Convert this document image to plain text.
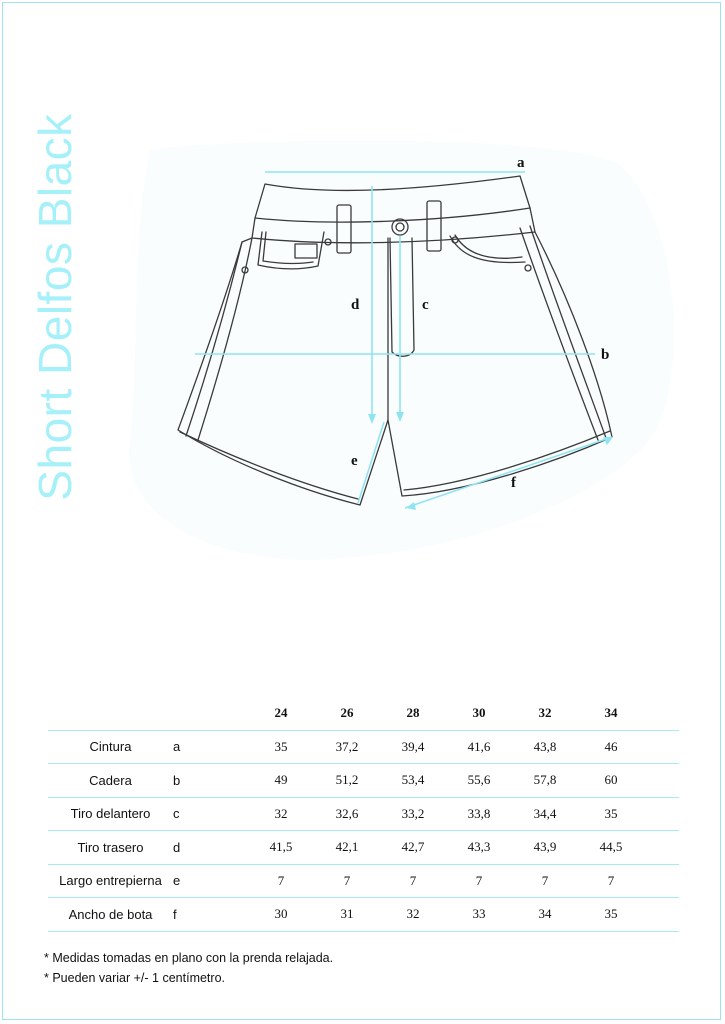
Short Delfos Black	a
b
c
d
e
f
		24	26	28	30	32	34	
Cintura	a	35	37,2	39,4	41,6	43,8	46	
Cadera	b	49	51,2	53,4	55,6	57,8	60	
Tiro delantero	c	32	32,6	33,2	33,8	34,4	35	
Tiro trasero	d	41,5	42,1	42,7	43,3	43,9	44,5	
Largo entrepierna	e	7	7	7	7	7	7	
Ancho de bota	f	30	31	32	33	34	35	
* Medidas tomadas en plano con la prenda relajada.
* Pueden variar +/- 1 centímetro.
